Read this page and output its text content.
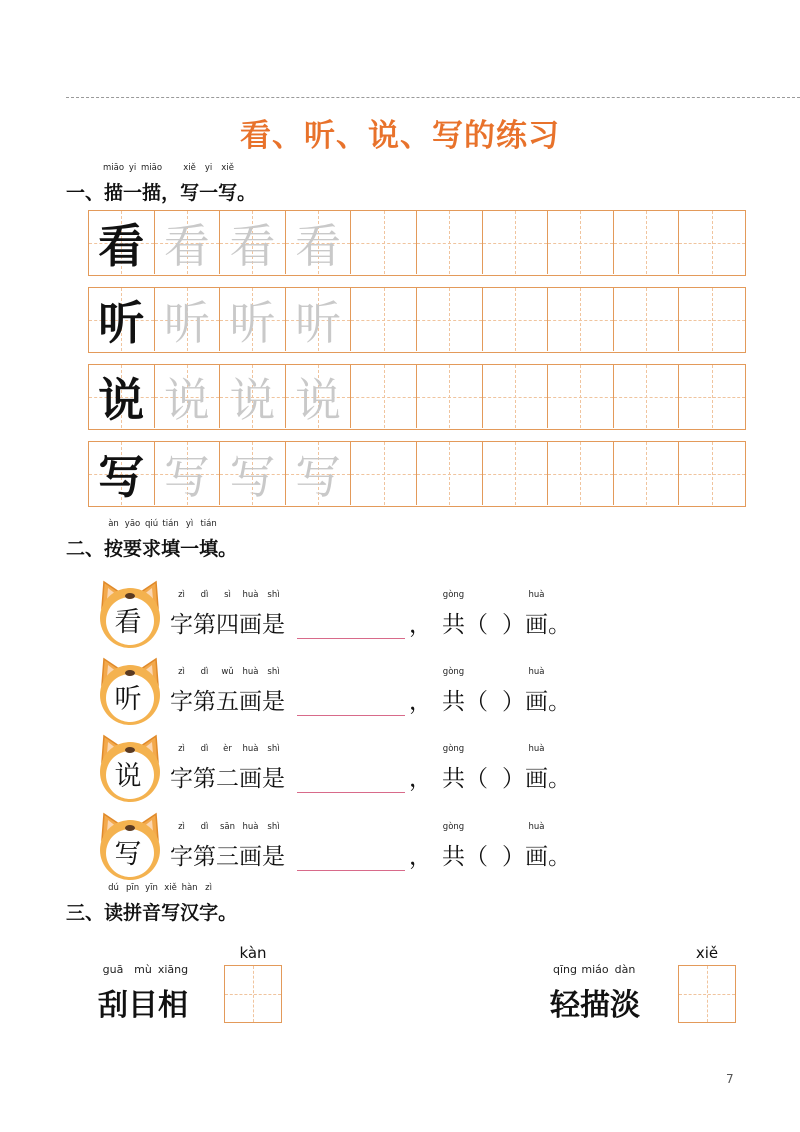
看、听、说、写的练习
一、描
miāo
一
yi
描
miāo
，写
xiě
一
yi
写
xiě
。
看 看 看 看
听 听 听 听
说 说 说 说
写 写 写 写
二、按
àn
要
yāo
求
qiú
填
tián
一
yì
填
tián
。
看	字
zì
第
dì
四
sì
画
huà
是
shì
， 共
gòng
（ ） 画
huà
。
听	字
zì
第
dì
五
wǔ
画
huà
是
shì
， 共
gòng
（ ） 画
huà
。
说	字
zì
第
dì
二
èr
画
huà
是
shì
， 共
gòng
（ ） 画
huà
。
写	字
zì
第
dì
三
sān
画
huà
是
shì
， 共
gòng
（ ） 画
huà
。
三、读
dú
拼
pīn
音
yīn
写
xiě
汉
hàn
字
zì
。
刮
guā
目
mù
相
xiāng
kàn
轻
qīng
描
miáo
淡
dàn
xiě
7
